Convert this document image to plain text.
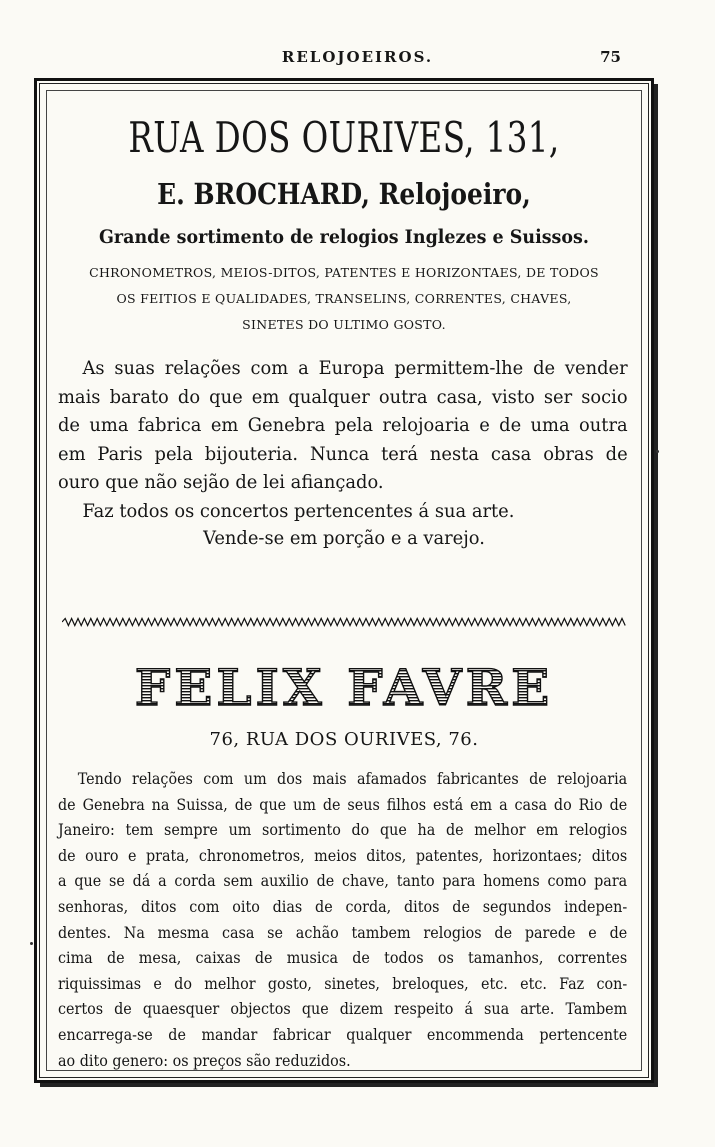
RELOJOEIROS.	75
RUA DOS OURIVES, 131,
E. BROCHARD, Relojoeiro,
Grande sortimento de relogios Inglezes e Suissos.
CHRONOMETROS, MEIOS-DITOS, PATENTES E HORIZONTAES, DE TODOS
OS FEITIOS E QUALIDADES, TRANSELINS, CORRENTES, CHAVES,
SINETES DO ULTIMO GOSTO.
As suas relações com a Europa permittem-lhe de vender
mais barato do que em qualquer outra casa, visto ser socio
de uma fabrica em Genebra pela relojoaria e de uma outra
em Paris pela bijouteria. Nunca terá nesta casa obras de
ouro que não sejão de lei afiançado.
Faz todos os concertos pertencentes á sua arte.
Vende-se em porção e a varejo.
FELIX FAVRE
76, RUA DOS OURIVES, 76.
Tendo relações com um dos mais afamados fabricantes de relojoaria
de Genebra na Suissa, de que um de seus filhos está em a casa do Rio de
Janeiro: tem sempre um sortimento do que ha de melhor em relogios
de ouro e prata, chronometros, meios ditos, patentes, horizontaes; ditos
a que se dá a corda sem auxilio de chave, tanto para homens como para
senhoras, ditos com oito dias de corda, ditos de segundos indepen-
dentes. Na mesma casa se achão tambem relogios de parede e de
cima de mesa, caixas de musica de todos os tamanhos, correntes
riquissimas e do melhor gosto, sinetes, breloques, etc. etc. Faz con-
certos de quaesquer objectos que dizem respeito á sua arte. Tambem
encarrega-se de mandar fabricar qualquer encommenda pertencente
ao dito genero: os preços são reduzidos.
